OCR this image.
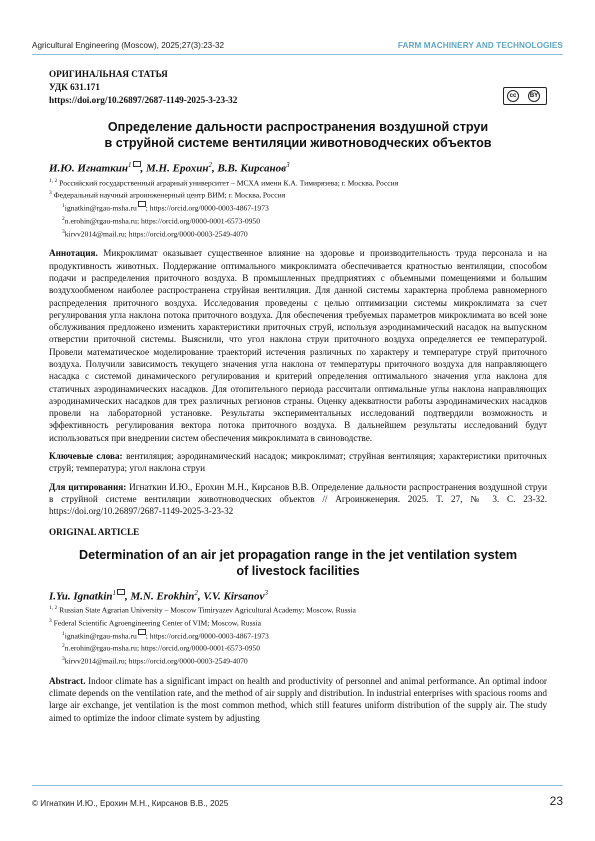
Agricultural Engineering (Moscow), 2025;27(3):23-32	FARM MACHINERY AND TECHNOLOGIES
cc	BY
ОРИГИНАЛЬНАЯ СТАТЬЯ
УДК 631.171
https://doi.org/10.26897/2687-1149-2025-3-23-32
Определение дальности распространения воздушной струи
в струйной системе вентиляции животноводческих объектов
И.Ю. Игнаткин$^1$ , М.Н. Ерохин$^2$, В.В. Кирсанов$^3$
$^{1, 2}$ Российский государственный аграрный университет – МСХА имени К.А. Тимирязева; г. Москва, Россия
$^3$ Федеральный научный агроинженерный центр ВИМ; г. Москва, Россия
$^1$ignatkin@rgau-msha.ru ; https://orcid.org/0000-0003-4867-1973
$^2$n.erohin@rgau-msha.ru; https://orcid.org/0000-0001-6573-0950
$^3$kirvv2014@mail.ru; https://orcid.org/0000-0003-2549-4070
Аннотация. Микроклимат оказывает существенное влияние на здоровье и производительность труда персонала и на продуктивность животных. Поддержание оптимального микроклимата обеспечивается кратностью вентиляции, способом подачи и распределения приточного воздуха. В промышленных предприятиях с объемными помещениями и большим воздухообменом наиболее распространена струйная вентиляция. Для данной системы характерна проблема равномерного распределения приточного воздуха. Исследования проведены с целью оптимизации системы микроклимата за счет регулирования угла наклона потока приточного воздуха. Для обеспечения требуемых параметров микроклимата во всей зоне обслуживания предложено изменить характеристики приточных струй, используя аэродинамический насадок на выпускном отверстии приточной системы. Выяснили, что угол наклона струи приточного воздуха определяется ее температурой. Провели математическое моделирование траекторий истечения различных по характеру и температуре струй приточного воздуха. Получили зависимость текущего значения угла наклона от температуры приточного воздуха для направляющего насадка с системой динамического регулирования и критерий определения оптимального значения угла наклона для статичных аэродинамических насадков. Для отопительного периода рассчитали оптимальные углы наклона направляющих аэродинамических насадков для трех различных регионов страны. Оценку адекватности работы аэродинамических насадков провели на лабораторной установке. Результаты экспериментальных исследований подтвердили возможность и эффективность регулирования вектора потока приточного воздуха. В дальнейшем результаты исследований будут использоваться при внедрении систем обеспечения микроклимата в свиноводстве.
Ключевые слова: вентиляция; аэродинамический насадок; микроклимат; струйная вентиляция; характеристики приточных струй; температура; угол наклона струи
Для цитирования: Игнаткин И.Ю., Ерохин М.Н., Кирсанов В.В. Определение дальности распространения воздушной струи в струйной системе вентиляции животноводческих объектов // Агроинженерия. 2025. Т. 27, № 3. С. 23-32. https://doi.org/10.26897/2687-1149-2025-3-23-32
ORIGINAL ARTICLE
Determination of an air jet propagation range in the jet ventilation system
of livestock facilities
I.Yu. Ignatkin$^1$ , M.N. Erokhin$^2$, V.V. Kirsanov$^3$
$^{1, 2}$ Russian State Agrarian University – Moscow Timiryazev Agricultural Academy; Moscow, Russia
$^3$ Federal Scientific Agroengineering Center of VIM; Moscow, Russia
$^1$ignatkin@rgau-msha.ru ; https://orcid.org/0000-0003-4867-1973
$^2$n.erohin@rgau-msha.ru; https://orcid.org/0000-0001-6573-0950
$^3$kirvv2014@mail.ru; https://orcid.org/0000-0003-2549-4070
Abstract. Indoor climate has a significant impact on health and productivity of personnel and animal performance. An optimal indoor climate depends on the ventilation rate, and the method of air supply and distribution. In industrial enterprises with spacious rooms and large air exchange, jet ventilation is the most common method, which still features uniform distribution of the supply air. The study aimed to optimize the indoor climate system by adjusting
© Игнаткин И.Ю., Ерохин М.Н., Кирсанов В.В., 2025	23
